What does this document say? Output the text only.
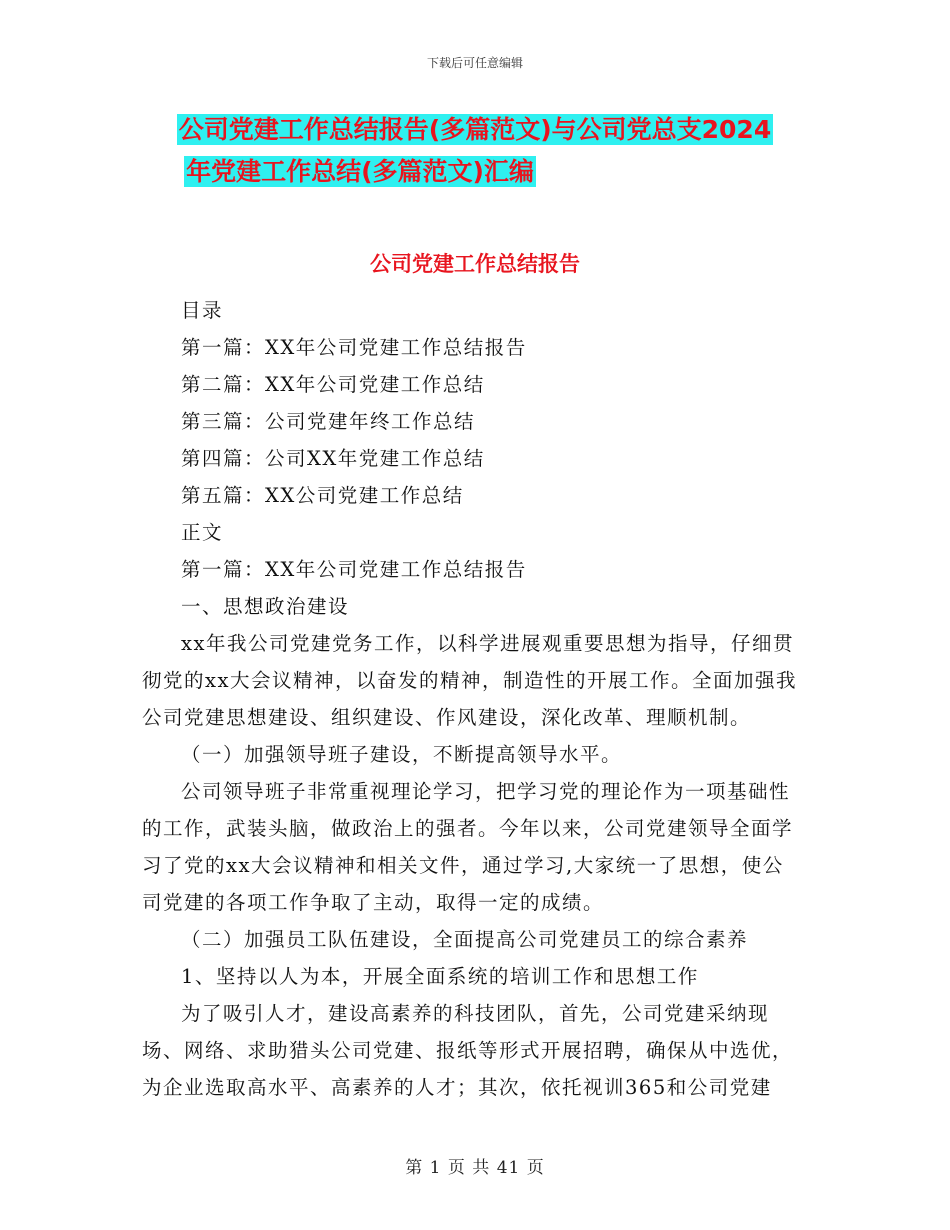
下载后可任意编辑
公司党建工作总结报告(多篇范文)与公司党总支2024
年党建工作总结(多篇范文)汇编
公司党建工作总结报告

目录

第一篇：XX年公司党建工作总结报告

第二篇：XX年公司党建工作总结

第三篇：公司党建年终工作总结

第四篇：公司XX年党建工作总结

第五篇：XX公司党建工作总结

正文

第一篇：XX年公司党建工作总结报告

一、思想政治建设

xx年我公司党建党务工作，以科学进展观重要思想为指导，仔细贯彻党的xx大会议精神，以奋发的精神，制造性的开展工作。全面加强我公司党建思想建设、组织建设、作风建设，深化改革、理顺机制。

（一）加强领导班子建设，不断提高领导水平。

公司领导班子非常重视理论学习，把学习党的理论作为一项基础性的工作，武装头脑，做政治上的强者。今年以来，公司党建领导全面学习了党的xx大会议精神和相关文件，通过学习,大家统一了思想，使公司党建的各项工作争取了主动，取得一定的成绩。

（二）加强员工队伍建设，全面提高公司党建员工的综合素养

1、坚持以人为本，开展全面系统的培训工作和思想工作

为了吸引人才，建设高素养的科技团队，首先，公司党建采纳现场、网络、求助猎头公司党建、报纸等形式开展招聘，确保从中选优，为企业选取高水平、高素养的人才；其次，依托视训365和公司党建

第 1 页 共 41 页
